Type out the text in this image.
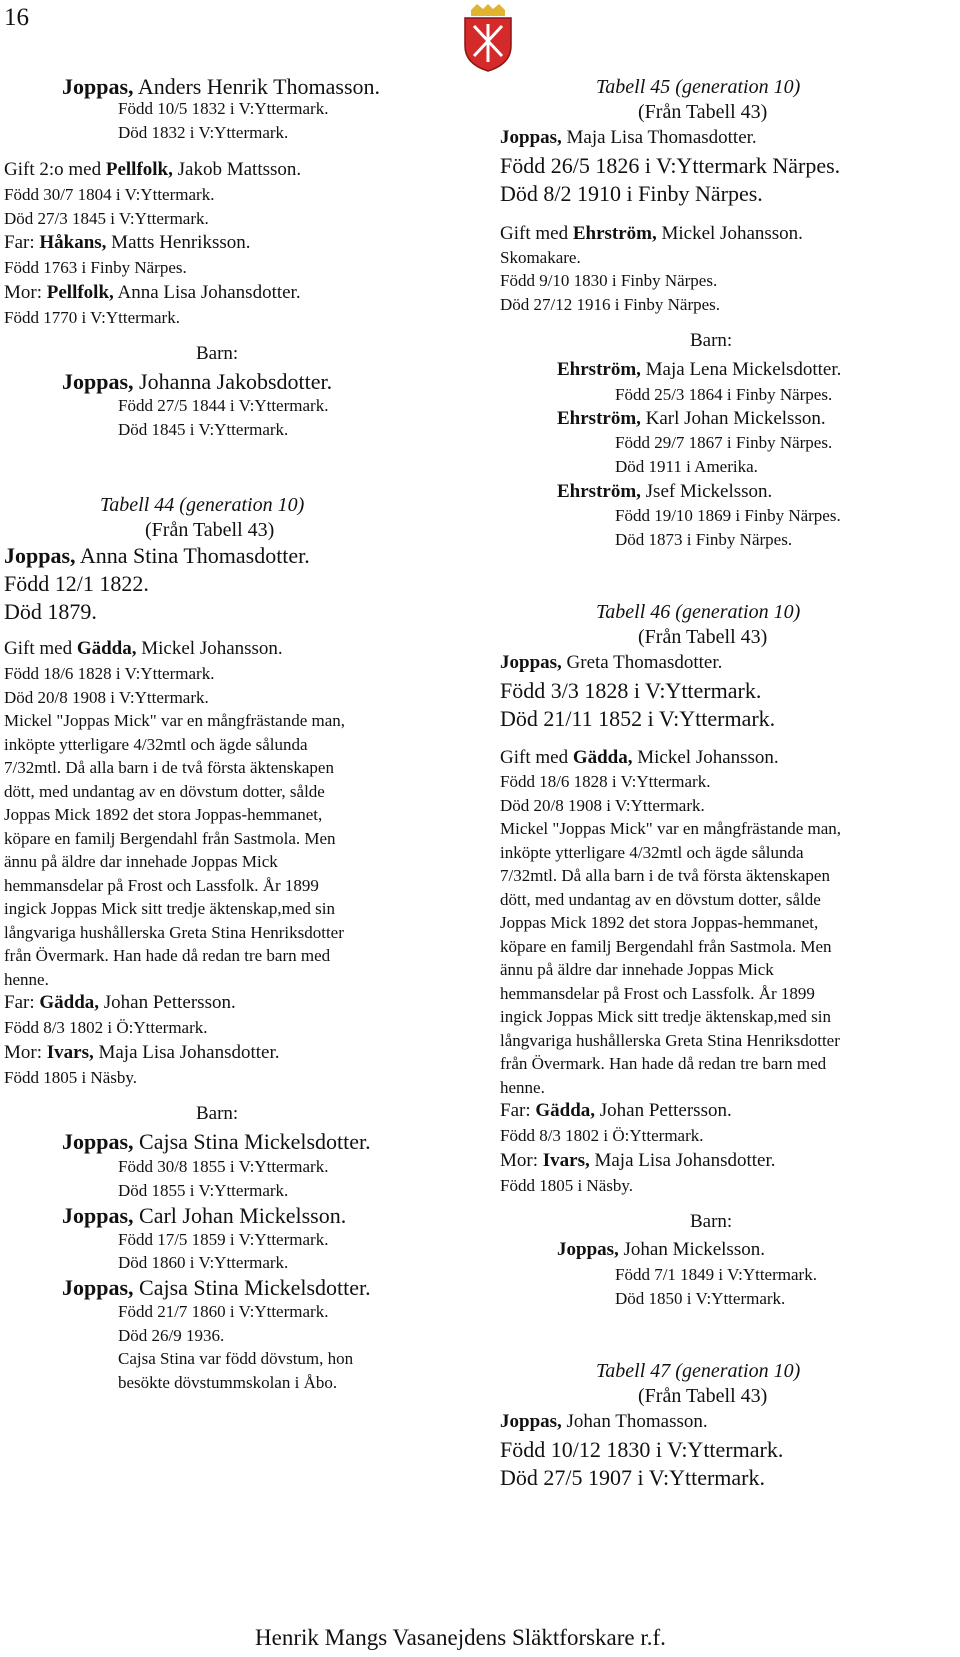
16
Joppas, Anders Henrik Thomasson.
Född 10/5 1832 i V:Yttermark.
Död 1832 i V:Yttermark.
Gift 2:o med Pellfolk, Jakob Mattsson.
Född 30/7 1804 i V:Yttermark.
Död 27/3 1845 i V:Yttermark.
Far: Håkans, Matts Henriksson.
Född 1763 i Finby Närpes.
Mor: Pellfolk, Anna Lisa Johansdotter.
Född 1770 i V:Yttermark.
Barn:
Joppas, Johanna Jakobsdotter.
Född 27/5 1844 i V:Yttermark.
Död 1845 i V:Yttermark.
Tabell 44 (generation 10)
(Från Tabell 43)
Joppas, Anna Stina Thomasdotter.
Född 12/1 1822.
Död 1879.
Gift med Gädda, Mickel Johansson.
Född 18/6 1828 i V:Yttermark.
Död 20/8 1908 i V:Yttermark.
Mickel "Joppas Mick" var en mångfrästande man,
inköpte ytterligare 4/32mtl och ägde sålunda
7/32mtl. Då alla barn i de två första äktenskapen
dött, med undantag av en dövstum dotter, sålde
Joppas Mick 1892 det stora Joppas-hemmanet,
köpare en familj Bergendahl från Sastmola. Men
ännu på äldre dar innehade Joppas Mick
hemmansdelar på Frost och Lassfolk. År 1899
ingick Joppas Mick sitt tredje äktenskap,med sin
långvariga hushållerska Greta Stina Henriksdotter
från Övermark. Han hade då redan tre barn med
henne.
Far: Gädda, Johan Pettersson.
Född 8/3 1802 i Ö:Yttermark.
Mor: Ivars, Maja Lisa Johansdotter.
Född 1805 i Näsby.
Barn:
Joppas, Cajsa Stina Mickelsdotter.
Född 30/8 1855 i V:Yttermark.
Död 1855 i V:Yttermark.
Joppas, Carl Johan Mickelsson.
Född 17/5 1859 i V:Yttermark.
Död 1860 i V:Yttermark.
Joppas, Cajsa Stina Mickelsdotter.
Född 21/7 1860 i V:Yttermark.
Död 26/9 1936.
Cajsa Stina var född dövstum, hon
besökte dövstummskolan i Åbo.
Tabell 45 (generation 10)
(Från Tabell 43)
Joppas, Maja Lisa Thomasdotter.
Född 26/5 1826 i V:Yttermark Närpes.
Död 8/2 1910 i Finby Närpes.
Gift med Ehrström, Mickel Johansson.
Skomakare.
Född 9/10 1830 i Finby Närpes.
Död 27/12 1916 i Finby Närpes.
Barn:
Ehrström, Maja Lena Mickelsdotter.
Född 25/3 1864 i Finby Närpes.
Ehrström, Karl Johan Mickelsson.
Född 29/7 1867 i Finby Närpes.
Död 1911 i Amerika.
Ehrström, Jsef Mickelsson.
Född 19/10 1869 i Finby Närpes.
Död 1873 i Finby Närpes.
Tabell 46 (generation 10)
(Från Tabell 43)
Joppas, Greta Thomasdotter.
Född 3/3 1828 i V:Yttermark.
Död 21/11 1852 i V:Yttermark.
Gift med Gädda, Mickel Johansson.
Född 18/6 1828 i V:Yttermark.
Död 20/8 1908 i V:Yttermark.
Mickel "Joppas Mick" var en mångfrästande man,
inköpte ytterligare 4/32mtl och ägde sålunda
7/32mtl. Då alla barn i de två första äktenskapen
dött, med undantag av en dövstum dotter, sålde
Joppas Mick 1892 det stora Joppas-hemmanet,
köpare en familj Bergendahl från Sastmola. Men
ännu på äldre dar innehade Joppas Mick
hemmansdelar på Frost och Lassfolk. År 1899
ingick Joppas Mick sitt tredje äktenskap,med sin
långvariga hushållerska Greta Stina Henriksdotter
från Övermark. Han hade då redan tre barn med
henne.
Far: Gädda, Johan Pettersson.
Född 8/3 1802 i Ö:Yttermark.
Mor: Ivars, Maja Lisa Johansdotter.
Född 1805 i Näsby.
Barn:
Joppas, Johan Mickelsson.
Född 7/1 1849 i V:Yttermark.
Död 1850 i V:Yttermark.
Tabell 47 (generation 10)
(Från Tabell 43)
Joppas, Johan Thomasson.
Född 10/12 1830 i V:Yttermark.
Död 27/5 1907 i V:Yttermark.
Henrik Mangs Vasanejdens Släktforskare r.f.
